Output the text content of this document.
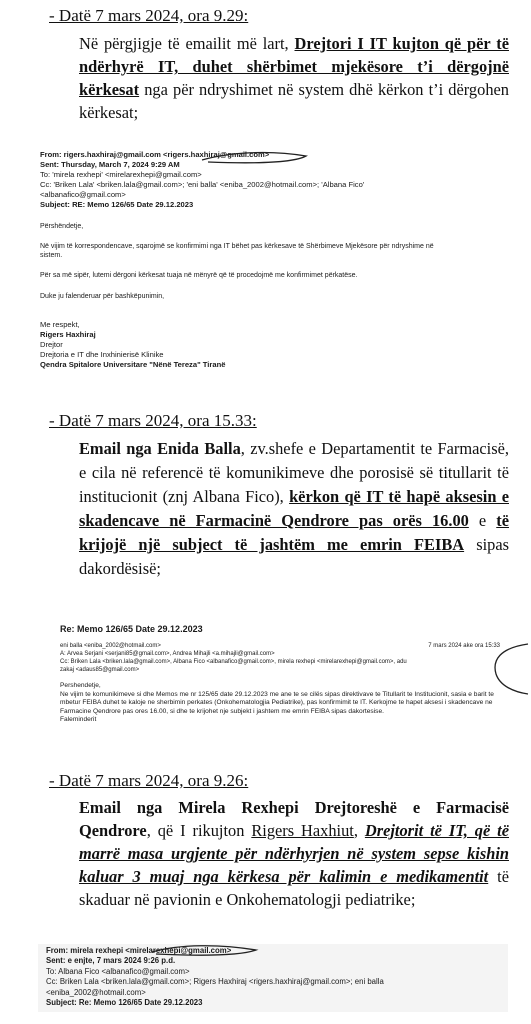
- Datë 7 mars 2024, ora 9.29:
Në përgjigje të emailit më lart, Drejtori I IT kujton që për të ndërhyrë IT, duhet shërbimet mjekësore t’i dërgojnë kërkesat nga për ndryshimet në system dhë kërkon t’i dërgohen kërkesat;
From: rigers.haxhiraj@gmail.com <rigers.haxhiraj@gmail.com>
Sent: Thursday, March 7, 2024 9:29 AM
To: 'mirela rexhepi' <mirelarexhepi@gmail.com>
Cc: 'Briken Lala' <briken.lala@gmail.com>; 'eni balla' <eniba_2002@hotmail.com>; 'Albana Fico'
<albanafico@gmail.com>
Subject: RE: Memo 126/65 Date 29.12.2023
Përshëndetje,
Në vijim të korrespondencave, sqarojmë se konfirmimi nga IT bëhet pas kërkesave të Shërbimeve Mjekësore për ndryshime në sistem.
Për sa më sipër, lutemi dërgoni kërkesat tuaja në mënyrë që të procedojmë me konfirmimet përkatëse.
Duke ju falenderuar për bashkëpunimin,
Me respekt,
Rigers Haxhiraj
Drejtor
Drejtoria e IT dhe Inxhinierisë Klinike
Qendra Spitalore Universitare "Nënë Tereza" Tiranë
- Datë 7 mars 2024, ora 15.33:
Email nga Enida Balla, zv.shefe e Departamentit te Farmacisë, e cila në referencë të komunikimeve dhe porosisë së titullarit të institucionit (znj Albana Fico), kërkon që IT të hapë aksesin e skadencave në Farmacinë Qendrore pas orës 16.00 e të krijojë një subject të jashtëm me emrin FEIBA sipas dakordësisë;
Re: Memo 126/65 Date 29.12.2023
eni balla <eniba_2002@hotmail.com>	7 mars 2024 ake ora 15:33
A: Arvea Serjani <serjani85@gmail.com>, Andrea Mihajli <a.mihajli@gmail.com>
Cc: Briken Lala <briken.lala@gmail.com>, Albana Fico <albanafico@gmail.com>, mirela rexhepi <mirelarexhepi@gmail.com>, adu
zakaj <adaus85@gmail.com>
Pershendetje,
Ne vijim te komunikimeve si dhe Memos me nr 125/65 date 29.12.2023 me ane te se cilës sipas direktivave te Titullarit te Institucionit, sasia e barit te mbetur FEIBA duhet te kaloje ne sherbimin perkates (Onkohematologjia Pediatrike), pas konfirmimit te IT. Kerkojme te hapet aksesi i skadencave ne Farmacine Qendrore pas ores 16.00, si dhe te krijohet nje subjekt i jashtem me emrin FEIBA sipas dakortesise.
Faleminderit
- Datë 7 mars 2024, ora 9.26:
Email nga Mirela Rexhepi Drejtoreshë e Farmacisë Qendrore, që I rikujton Rigers Haxhiut, Drejtorit të IT, që të marrë masa urgjente për ndërhyrjen në system sepse kishin kaluar 3 muaj nga kërkesa për kalimin e medikamentit të skaduar në pavionin e Onkohematologji pediatrike;
From: mirela rexhepi <mirelarexhepi@gmail.com>
Sent: e enjte, 7 mars 2024 9:26 p.d.
To: Albana Fico <albanafico@gmail.com>
Cc: Briken Lala <briken.lala@gmail.com>; Rigers Haxhiraj <rigers.haxhiraj@gmail.com>; eni balla
<eniba_2002@hotmail.com>
Subject: Re: Memo 126/65 Date 29.12.2023
